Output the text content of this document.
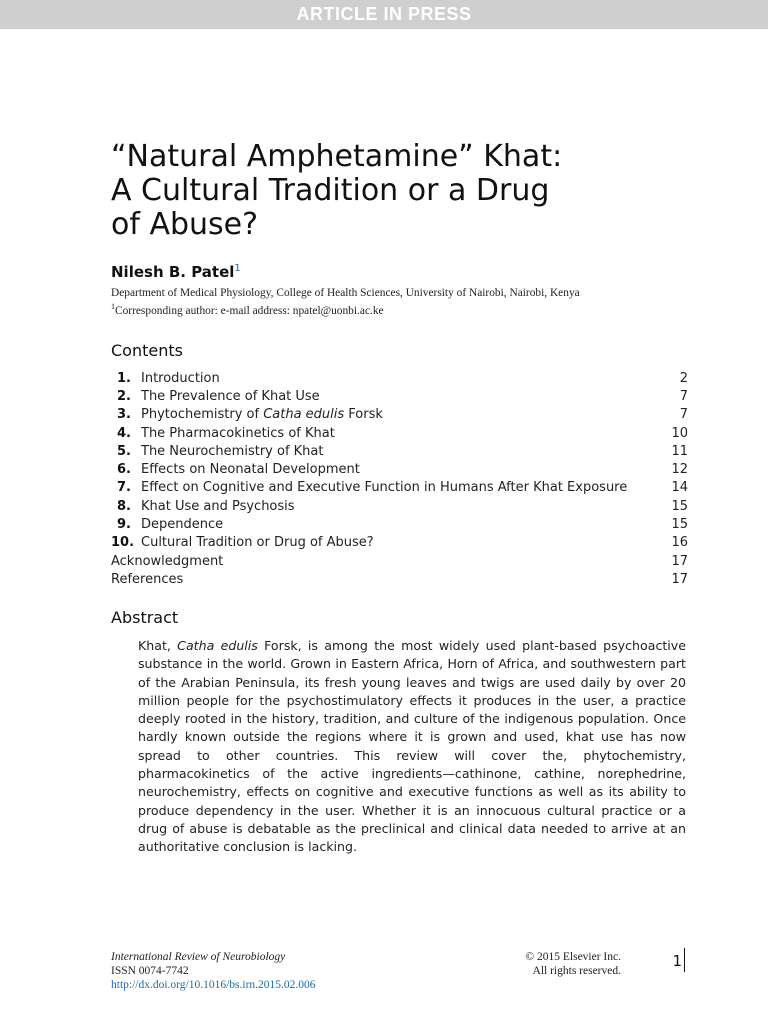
ARTICLE IN PRESS
“Natural Amphetamine” Khat:
A Cultural Tradition or a Drug
of Abuse?
Nilesh B. Patel$^1$
Department of Medical Physiology, College of Health Sciences, University of Nairobi, Nairobi, Kenya
$^1$Corresponding author: e-mail address: npatel@uonbi.ac.ke
Contents
1. Introduction	2
2. The Prevalence of Khat Use	7
3. Phytochemistry of Catha edulis Forsk	7
4. The Pharmacokinetics of Khat	10
5. The Neurochemistry of Khat	11
6. Effects on Neonatal Development	12
7. Effect on Cognitive and Executive Function in Humans After Khat Exposure	14
8. Khat Use and Psychosis	15
9. Dependence	15
10. Cultural Tradition or Drug of Abuse?	16
Acknowledgment	17
References	17
Abstract

Khat, Catha edulis Forsk, is among the most widely used plant-based psychoactive substance in the world. Grown in Eastern Africa, Horn of Africa, and southwestern part of the Arabian Peninsula, its fresh young leaves and twigs are used daily by over 20 million people for the psychostimulatory effects it produces in the user, a practice deeply rooted in the history, tradition, and culture of the indigenous population. Once hardly known outside the regions where it is grown and used, khat use has now spread to other countries. This review will cover the, phytochemistry, pharmacokinetics of the active ingredients—cathinone, cathine, norephedrine, neurochemistry, effects on cognitive and executive functions as well as its ability to produce dependency in the user. Whether it is an innocuous cultural practice or a drug of abuse is debatable as the preclinical and clinical data needed to arrive at an authoritative conclusion is lacking.

International Review of Neurobiology
ISSN 0074-7742
http://dx.doi.org/10.1016/bs.irn.2015.02.006
© 2015 Elsevier Inc.
All rights reserved.
1
